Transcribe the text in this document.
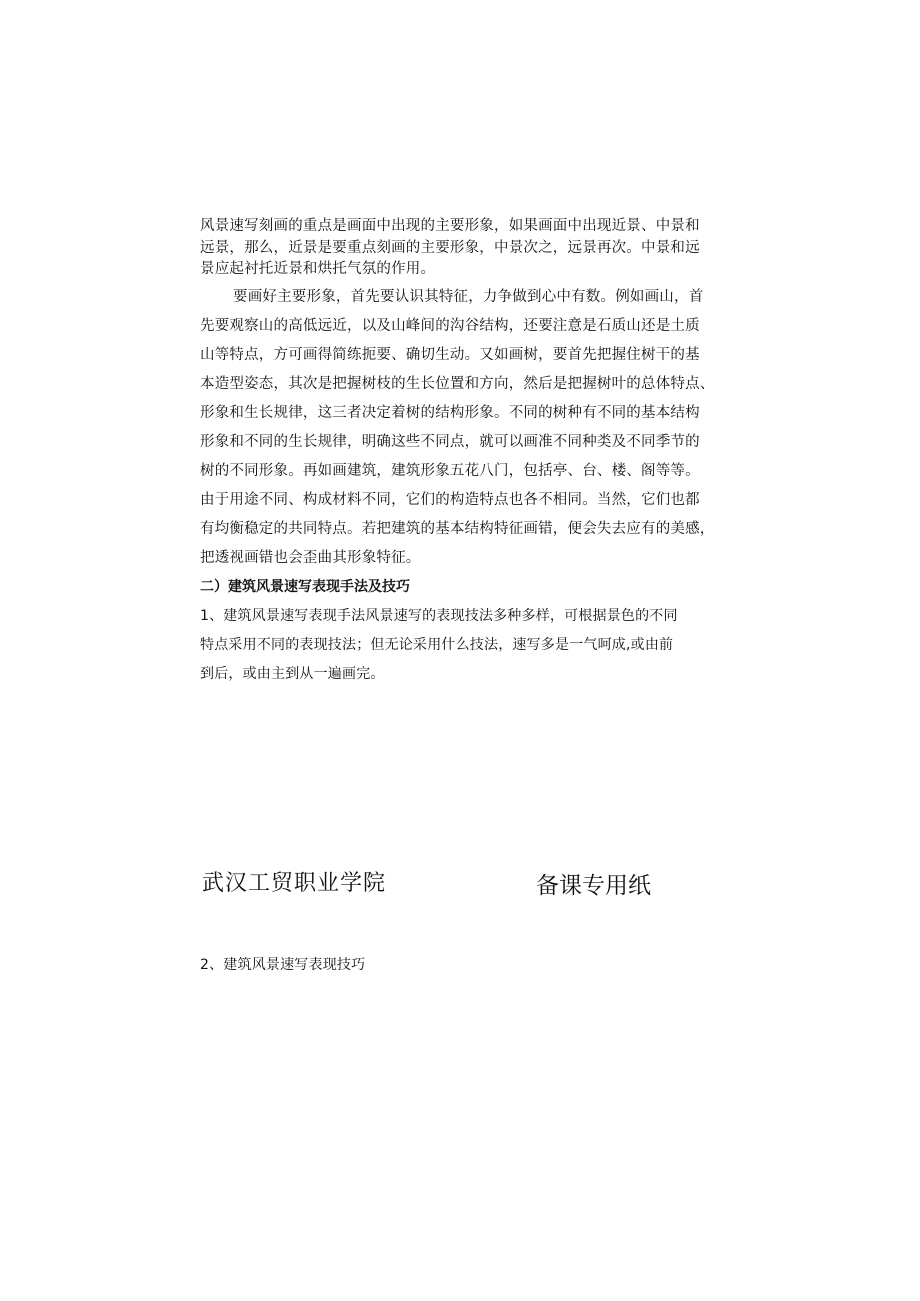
风景速写刻画的重点是画面中出现的主要形象，如果画面中出现近景、中景和
远景，那么，近景是要重点刻画的主要形象，中景次之，远景再次。中景和远
景应起衬托近景和烘托气氛的作用。
要画好主要形象，首先要认识其特征，力争做到心中有数。例如画山，首
先要观察山的高低远近，以及山峰间的沟谷结构，还要注意是石质山还是土质
山等特点，方可画得简练扼要、确切生动。又如画树，要首先把握住树干的基
本造型姿态，其次是把握树枝的生长位置和方向，然后是把握树叶的总体特点、
形象和生长规律，这三者决定着树的结构形象。不同的树种有不同的基本结构
形象和不同的生长规律，明确这些不同点，就可以画准不同种类及不同季节的
树的不同形象。再如画建筑，建筑形象五花八门，包括亭、台、楼、阁等等。
由于用途不同、构成材料不同，它们的构造特点也各不相同。当然，它们也都
有均衡稳定的共同特点。若把建筑的基本结构特征画错，便会失去应有的美感，
把透视画错也会歪曲其形象特征。
二）建筑风景速写表现手法及技巧
1、建筑风景速写表现手法风景速写的表现技法多种多样，可根据景色的不同
特点采用不同的表现技法；但无论采用什么技法，速写多是一气呵成,或由前
到后，或由主到从一遍画完。
武汉工贸职业学院	备课专用纸
2、建筑风景速写表现技巧
